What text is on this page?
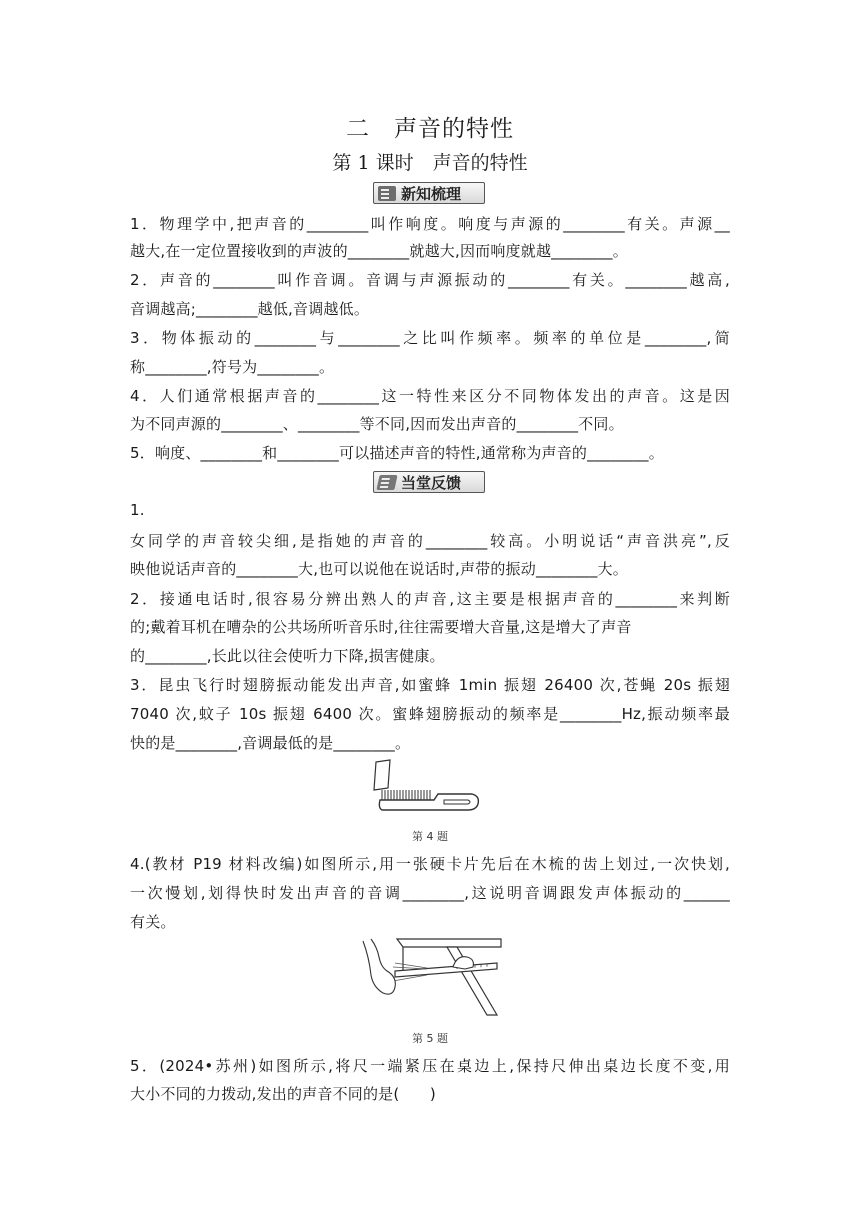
二　声音的特性
第 1 课时　声音的特性
新知梳理
1．物理学中,把声音的________叫作响度。响度与声源的________有关。声源__
越大,在一定位置接收到的声波的________就越大,因而响度就越________。
2．声音的________叫作音调。音调与声源振动的________有关。________越高,
音调越高;________越低,音调越低。
3．物体振动的________与________之比叫作频率。频率的单位是________,简
称________,符号为________。
4．人们通常根据声音的________这一特性来区分不同物体发出的声音。这是因
为不同声源的________、________等不同,因而发出声音的________不同。
5．响度、________和________可以描述声音的特性,通常称为声音的________。
当堂反馈
1.
女同学的声音较尖细,是指她的声音的________较高。小明说话“声音洪亮”,反
映他说话声音的________大,也可以说他在说话时,声带的振动________大。
2．接通电话时,很容易分辨出熟人的声音,这主要是根据声音的________来判断
的;戴着耳机在嘈杂的公共场所听音乐时,往往需要增大音量,这是增大了声音
的________,长此以往会使听力下降,损害健康。
3．昆虫飞行时翅膀振动能发出声音,如蜜蜂 1min 振翅 26400 次,苍蝇 20s 振翅
7040 次,蚊子 10s 振翅 6400 次。蜜蜂翅膀振动的频率是________Hz,振动频率最
快的是________,音调最低的是________。
第 4 题
4.(教材 P19 材料改编)如图所示,用一张硬卡片先后在木梳的齿上划过,一次快划,
一次慢划,划得快时发出声音的音调________,这说明音调跟发声体振动的______
有关。
第 5 题
5．(2024•苏州)如图所示,将尺一端紧压在桌边上,保持尺伸出桌边长度不变,用
大小不同的力拨动,发出的声音不同的是(　　)
